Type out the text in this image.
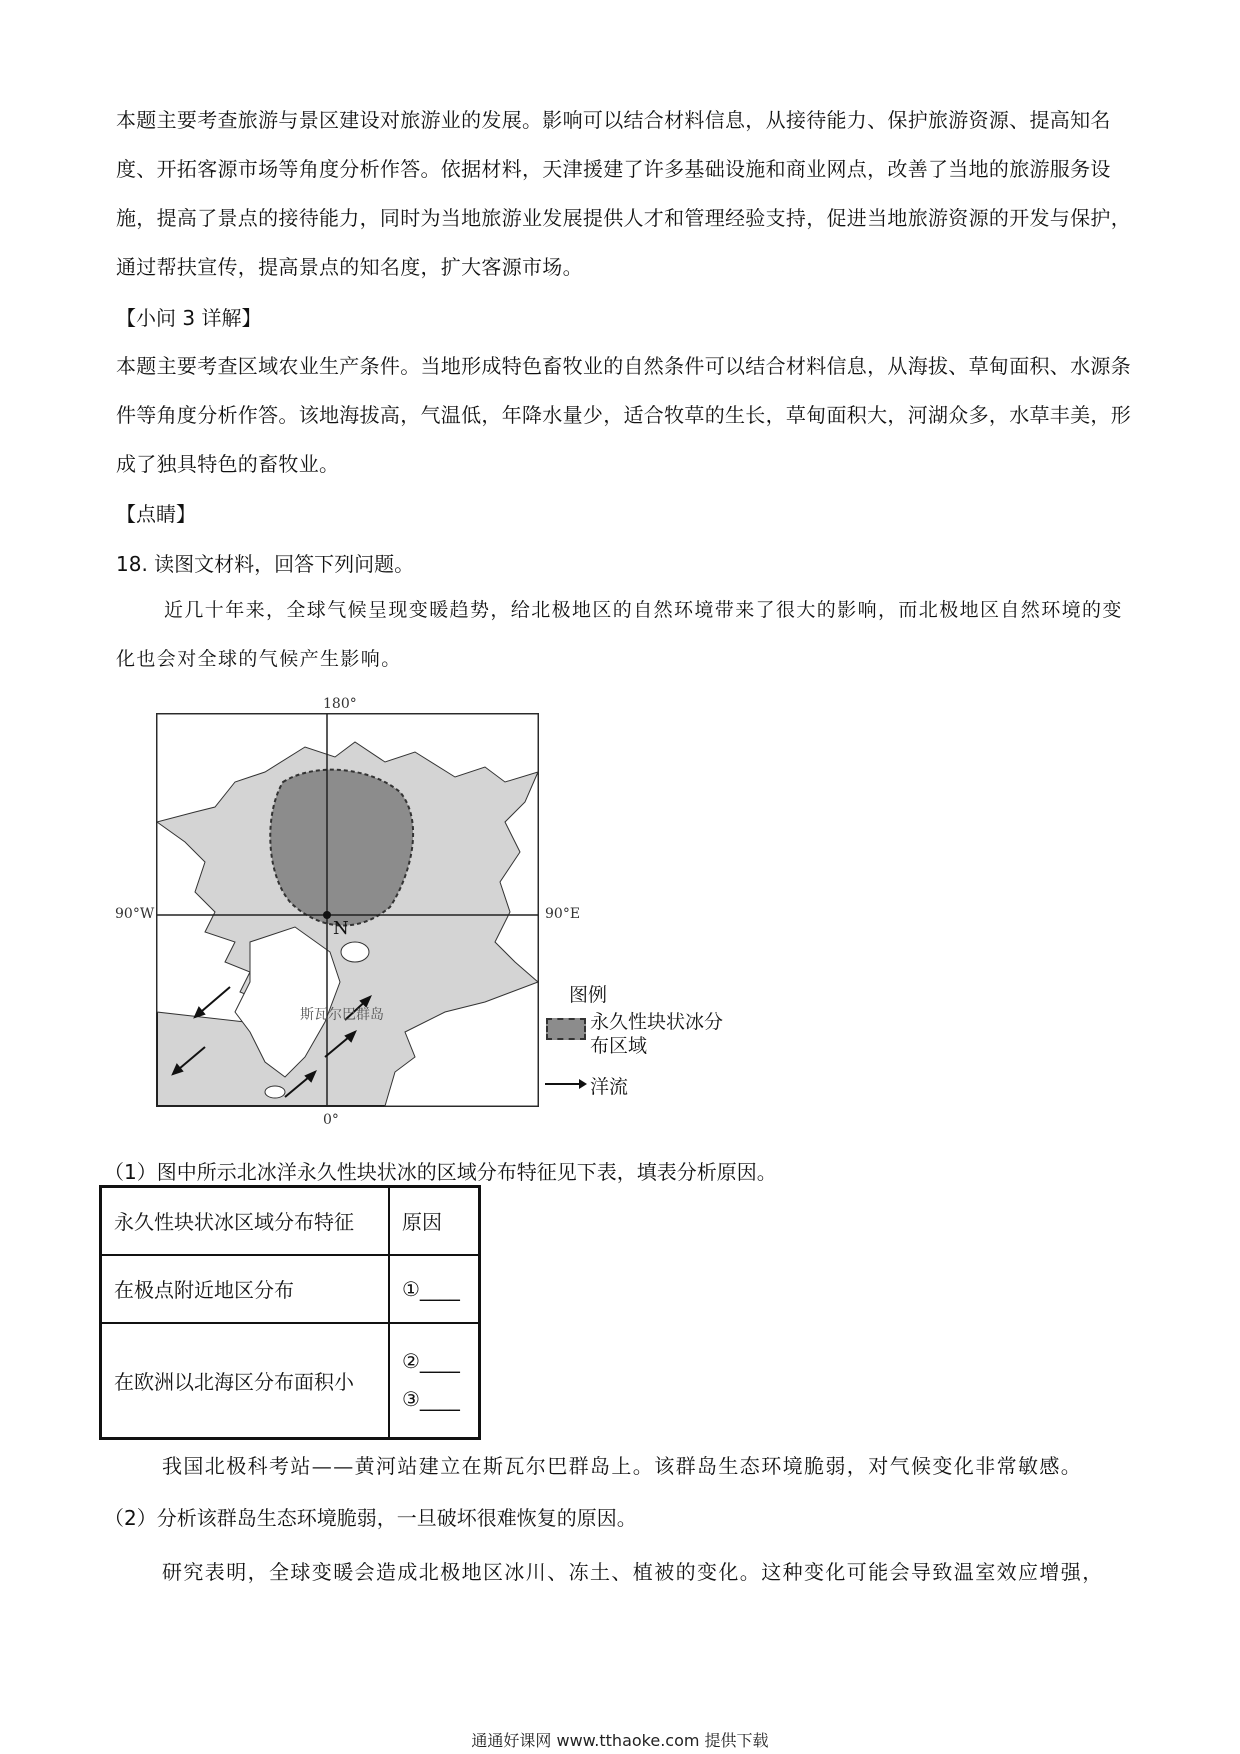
本题主要考查旅游与景区建设对旅游业的发展。影响可以结合材料信息，从接待能力、保护旅游资源、提高知名度、开拓客源市场等角度分析作答。依据材料，天津援建了许多基础设施和商业网点，改善了当地的旅游服务设施，提高了景点的接待能力，同时为当地旅游业发展提供人才和管理经验支持，促进当地旅游资源的开发与保护，通过帮扶宣传，提高景点的知名度，扩大客源市场。

【小问 3 详解】

本题主要考查区域农业生产条件。当地形成特色畜牧业的自然条件可以结合材料信息，从海拔、草甸面积、水源条件等角度分析作答。该地海拔高，气温低，年降水量少，适合牧草的生长，草甸面积大，河湖众多，水草丰美，形成了独具特色的畜牧业。

【点睛】

18. 读图文材料，回答下列问题。

近几十年来，全球气候呈现变暖趋势，给北极地区的自然环境带来了很大的影响，而北极地区自然环境的变化也会对全球的气候产生影响。

180°
90°W	90°E
0°
N
斯瓦尔巴群岛
图例
永久性块状冰分布区域
洋流

（1）图中所示北冰洋永久性块状冰的区域分布特征见下表，填表分析原因。

永久性块状冰区域分布特征	原因
在极点附近地区分布	①____
在欧洲以北海区分布面积小	②____
③____

我国北极科考站——黄河站建立在斯瓦尔巴群岛上。该群岛生态环境脆弱，对气候变化非常敏感。

（2）分析该群岛生态环境脆弱，一旦破坏很难恢复的原因。

研究表明，全球变暖会造成北极地区冰川、冻土、植被的变化。这种变化可能会导致温室效应增强，

通通好课网 www.tthaoke.com 提供下载
